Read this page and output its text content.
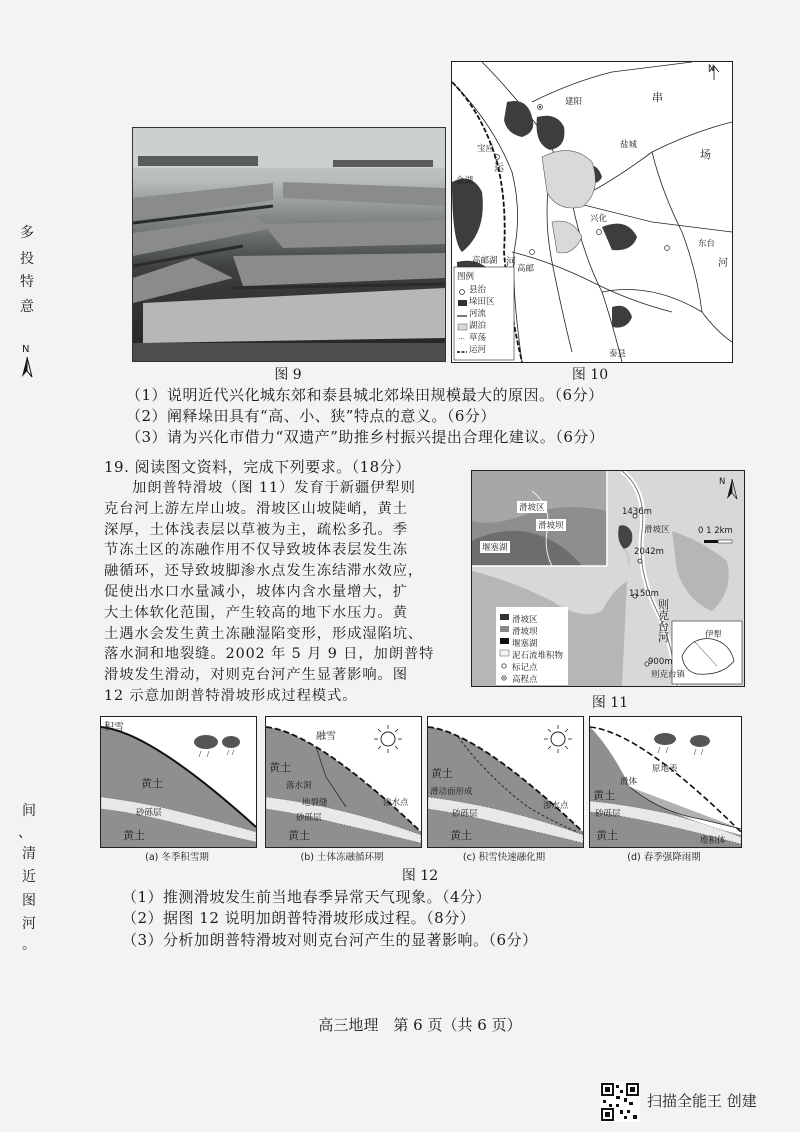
多
投
特
意
N
间
、
清
近
图
河
。
图 9
⋯
N
建阳	串
盐城
宝应
运
场
金湖
兴化
东台
高邮湖 河	河
高邮
泰县
图例
县治
垛田区
河流
湖泊
草荡
运河
图 10
（1）说明近代兴化城东郊和泰县城北郊垛田规模最大的原因。（6分）
（2）阐释垛田具有“高、小、狭”特点的意义。（6分）
（3）请为兴化市借力“双遗产”助推乡村振兴提出合理化建议。（6分）
19. 阅读图文资料，完成下列要求。（18分）
加朗普特滑坡（图 11）发育于新疆伊犁则
克台河上游左岸山坡。滑坡区山坡陡峭，黄土
深厚，土体浅表层以草被为主，疏松多孔。季
节冻土区的冻融作用不仅导致坡体表层发生冻
融循环，还导致坡脚渗水点发生冻结滞水效应，
促使出水口水量减小，坡体内含水量增大，扩
大土体软化范围，产生较高的地下水压力。黄
土遇水会发生黄土冻融湿陷变形，形成湿陷坑、
落水洞和地裂缝。2002 年 5 月 9 日，加朗普特
滑坡发生滑动，对则克台河产生显著影响。图
12 示意加朗普特滑坡形成过程模式。
滑坡区
滑坡坝
堰塞湖
1436m
滑坡区
2042m
1150m
则克台河
900m
则克台镇
伊犁
N
0 1 2km
滑坡区
滑坡坝
堰塞湖
泥石流堆积物
标记点
高程点
图 11
积雪
黄土
砂砾层
黄土
(a) 冬季积雪期
融雪
黄土
落水洞
地裂缝
砂砾层
渗水点
黄土
(b) 土体冻融循环期
黄土
滑动面形成
砂砾层
渗水点
黄土
(c) 积雪快速融化期
原地表
滑体
黄土
砂砾层
黄土	堆积体
(d) 春季强降雨期
图 12
（1）推测滑坡发生前当地春季异常天气现象。（4分）
（2）据图 12 说明加朗普特滑坡形成过程。（8分）
（3）分析加朗普特滑坡对则克台河产生的显著影响。（6分）
高三地理　第 6 页（共 6 页）
扫描全能王 创建
